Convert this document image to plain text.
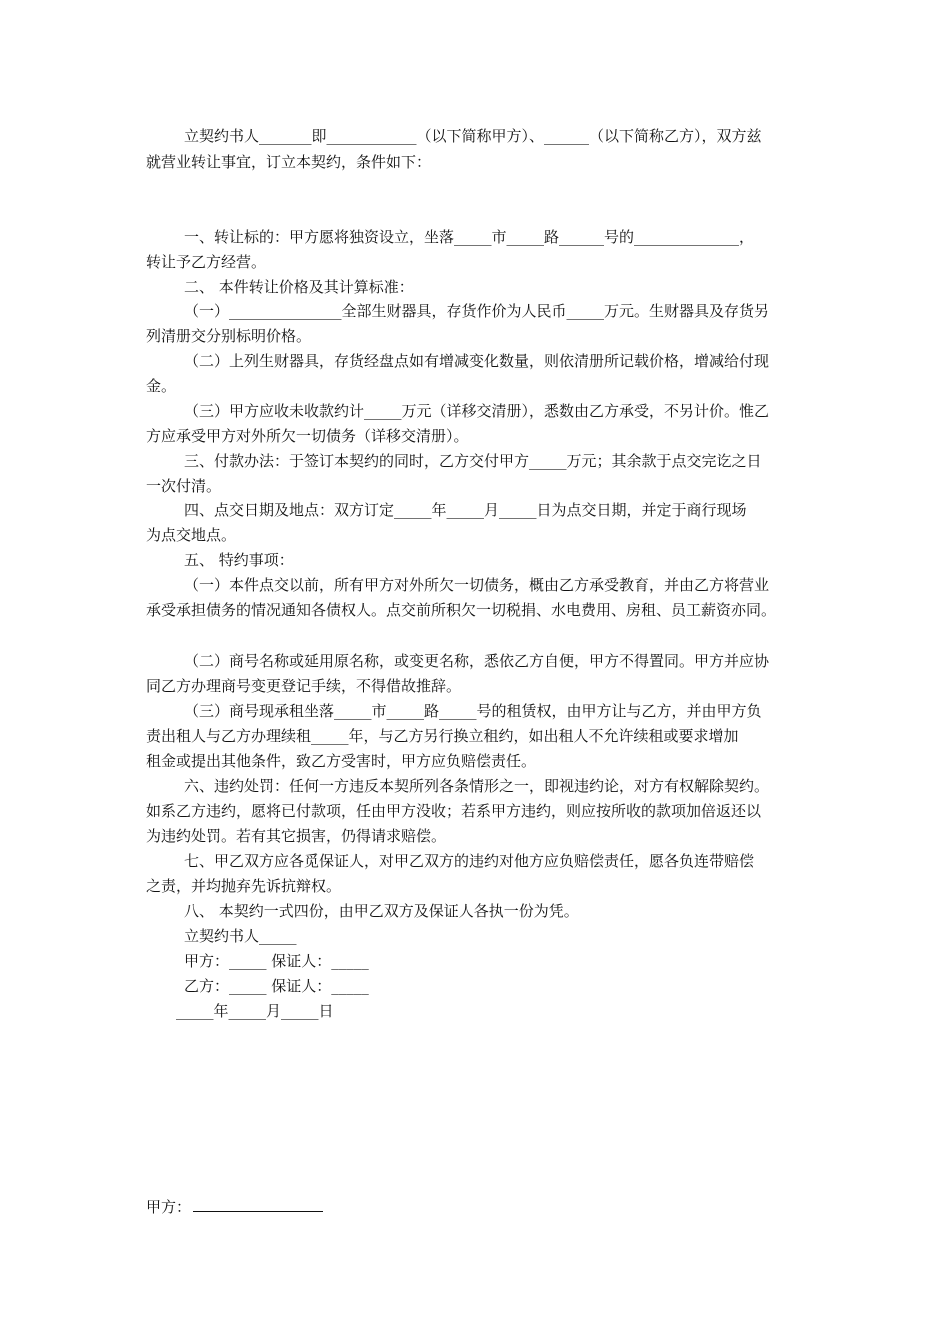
立契约书人_______即____________（以下简称甲方）、______（以下简称乙方），双方兹
就营业转让事宜，订立本契约，条件如下：
一、转让标的：甲方愿将独资设立，坐落_____市_____路______号的______________，
转让予乙方经营。
二、 本件转让价格及其计算标准：
（一）_______________全部生财器具，存货作价为人民币_____万元。生财器具及存货另
列清册交分别标明价格。
（二）上列生财器具，存货经盘点如有增减变化数量，则依清册所记载价格，增减给付现
金。
（三）甲方应收未收款约计_____万元（详移交清册），悉数由乙方承受，不另计价。惟乙
方应承受甲方对外所欠一切债务（详移交清册）。
三、付款办法：于签订本契约的同时，乙方交付甲方_____万元；其余款于点交完讫之日
一次付清。
四、点交日期及地点：双方订定_____年_____月_____日为点交日期，并定于商行现场
为点交地点。
五、 特约事项：
（一）本件点交以前，所有甲方对外所欠一切债务，概由乙方承受教育，并由乙方将营业
承受承担债务的情况通知各债权人。点交前所积欠一切税捐、水电费用、房租、员工薪资亦同。
（二）商号名称或延用原名称，或变更名称，悉依乙方自便，甲方不得置同。甲方并应协
同乙方办理商号变更登记手续，不得借故推辞。
（三）商号现承租坐落_____市_____路_____号的租赁权，由甲方让与乙方，并由甲方负
责出租人与乙方办理续租_____年，与乙方另行换立租约，如出租人不允许续租或要求增加
租金或提出其他条件，致乙方受害时，甲方应负赔偿责任。
六、违约处罚：任何一方违反本契所列各条情形之一，即视违约论，对方有权解除契约。
如系乙方违约，愿将已付款项，任由甲方没收；若系甲方违约，则应按所收的款项加倍返还以
为违约处罚。若有其它损害，仍得请求赔偿。
七、甲乙双方应各觅保证人，对甲乙双方的违约对他方应负赔偿责任，愿各负连带赔偿
之责，并均抛弃先诉抗辩权。
八、 本契约一式四份，由甲乙双方及保证人各执一份为凭。
立契约书人_____
甲方：_____ 保证人：_____
乙方：_____ 保证人：_____
_____年_____月_____日
甲方：
